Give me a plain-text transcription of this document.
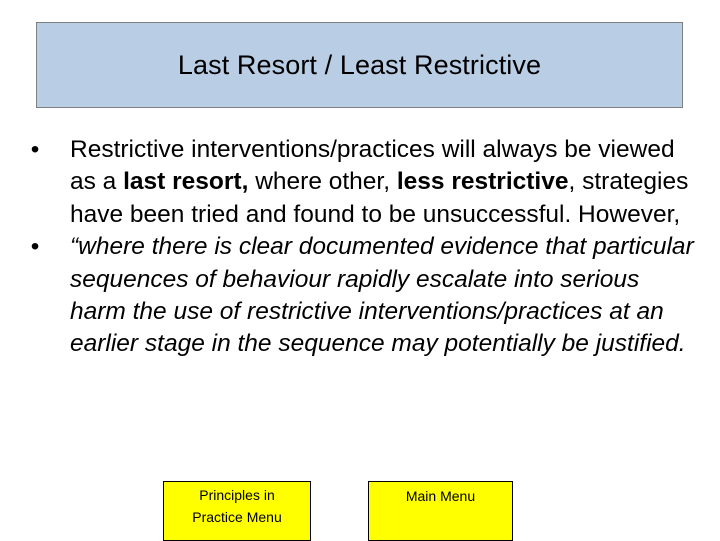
Last Resort / Least Restrictive
• Restrictive interventions/practices will always be viewed as a last resort, where other, less restrictive, strategies have been tried and found to be unsuccessful. However,
• “where there is clear documented evidence that particular sequences of behaviour rapidly escalate into serious harm the use of restrictive interventions/practices at an earlier stage in the sequence may potentially be justified.
Principles in
Practice Menu
Main Menu
